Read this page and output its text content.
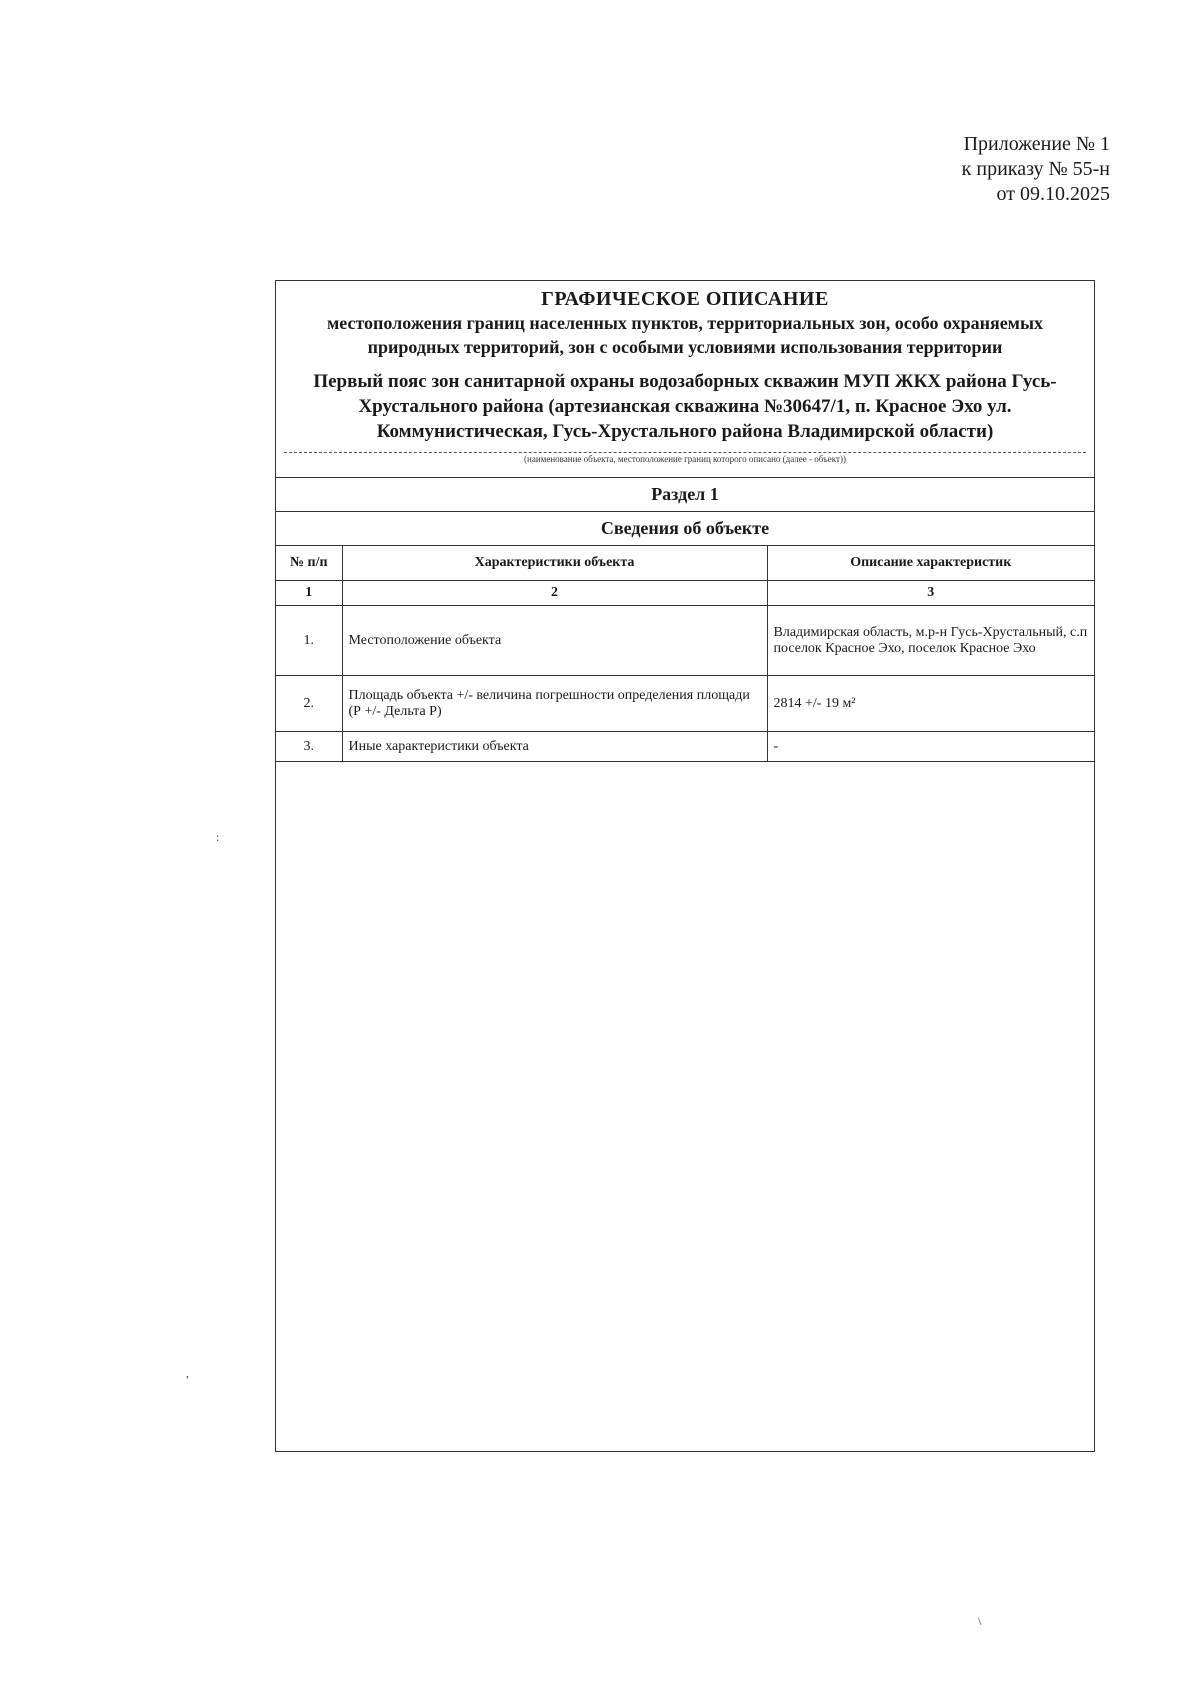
Приложение № 1
к приказу № 55-н
от 09.10.2025
ГРАФИЧЕСКОЕ ОПИСАНИЕ
местоположения границ населенных пунктов, территориальных зон, особо охраняемых природных территорий, зон с особыми условиями использования территории
Первый пояс зон санитарной охраны водозаборных скважин МУП ЖКХ района Гусь-Хрустального района (артезианская скважина №30647/1, п. Красное Эхо ул. Коммунистическая, Гусь-Хрустального района Владимирской области)
(наименование объекта, местоположение границ которого описано (далее - объект))
Раздел 1
Сведения об объекте
№ п/п	Характеристики объекта	Описание характеристик
1	2	3
1.	Местоположение объекта	Владимирская область, м.р-н Гусь-Хрустальный, с.п поселок Красное Эхо, поселок Красное Эхо
2.	Площадь объекта +/- величина погрешности определения площади (Р +/- Дельта Р)	2814 +/- 19 м²
3.	Иные характеристики объекта	-
:
,
\
